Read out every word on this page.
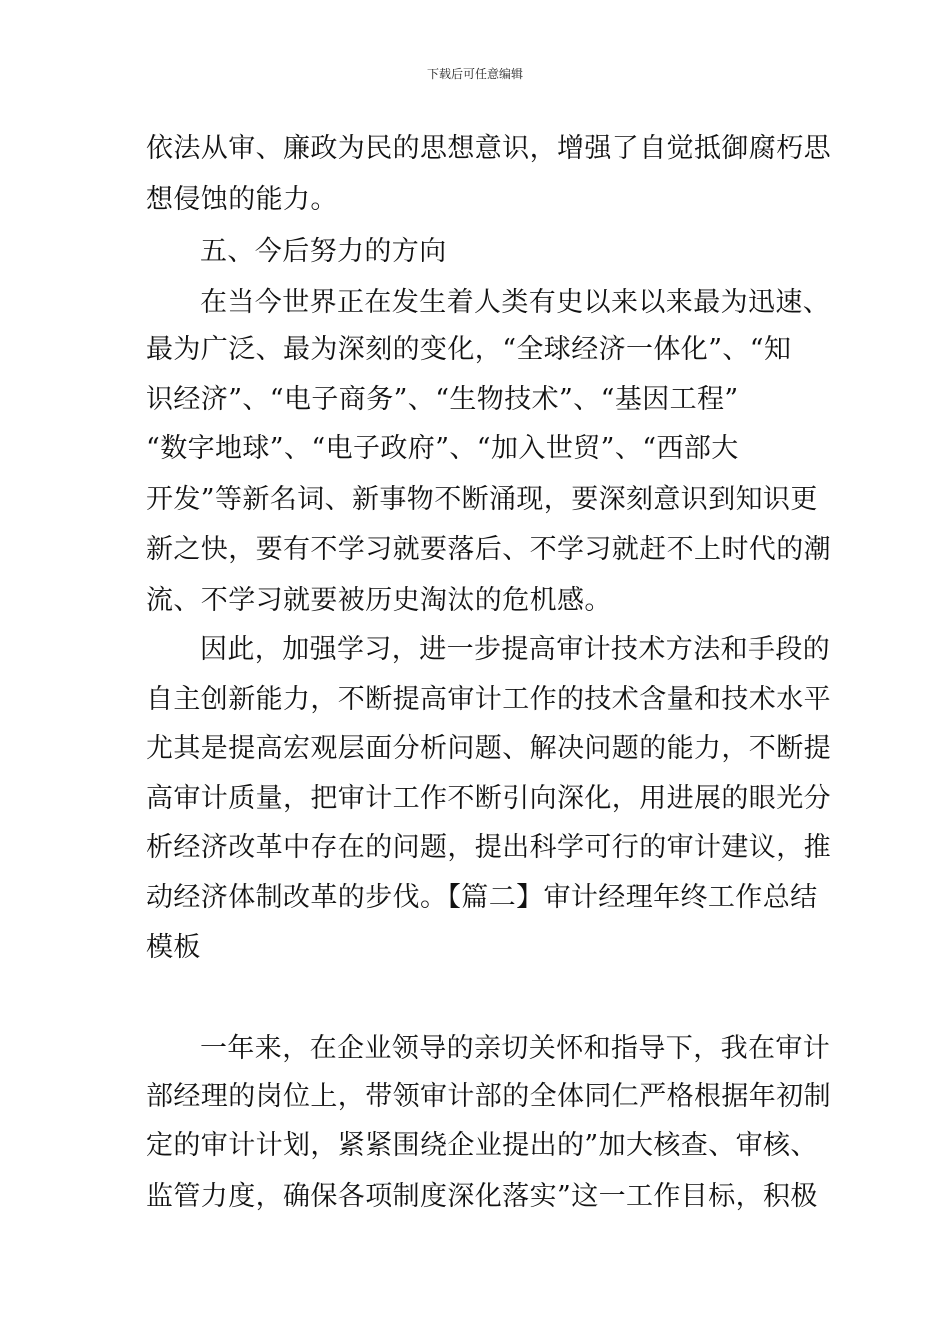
下载后可任意编辑
依法从审、廉政为民的思想意识，增强了自觉抵御腐朽思
想侵蚀的能力。
五、今后努力的方向
在当今世界正在发生着人类有史以来以来最为迅速、
最为广泛、最为深刻的变化，“全球经济一体化”、“知
识经济”、“电子商务”、“生物技术”、“基因工程”
“数字地球”、“电子政府”、“加入世贸”、“西部大
开发”等新名词、新事物不断涌现，要深刻意识到知识更
新之快，要有不学习就要落后、不学习就赶不上时代的潮
流、不学习就要被历史淘汰的危机感。
因此，加强学习，进一步提高审计技术方法和手段的
自主创新能力，不断提高审计工作的技术含量和技术水平
尤其是提高宏观层面分析问题、解决问题的能力，不断提
高审计质量，把审计工作不断引向深化，用进展的眼光分
析经济改革中存在的问题，提出科学可行的审计建议，推
动经济体制改革的步伐。【篇二】审计经理年终工作总结
模板
一年来，在企业领导的亲切关怀和指导下，我在审计
部经理的岗位上，带领审计部的全体同仁严格根据年初制
定的审计计划，紧紧围绕企业提出的”加大核查、审核、
监管力度，确保各项制度深化落实”这一工作目标，积极
